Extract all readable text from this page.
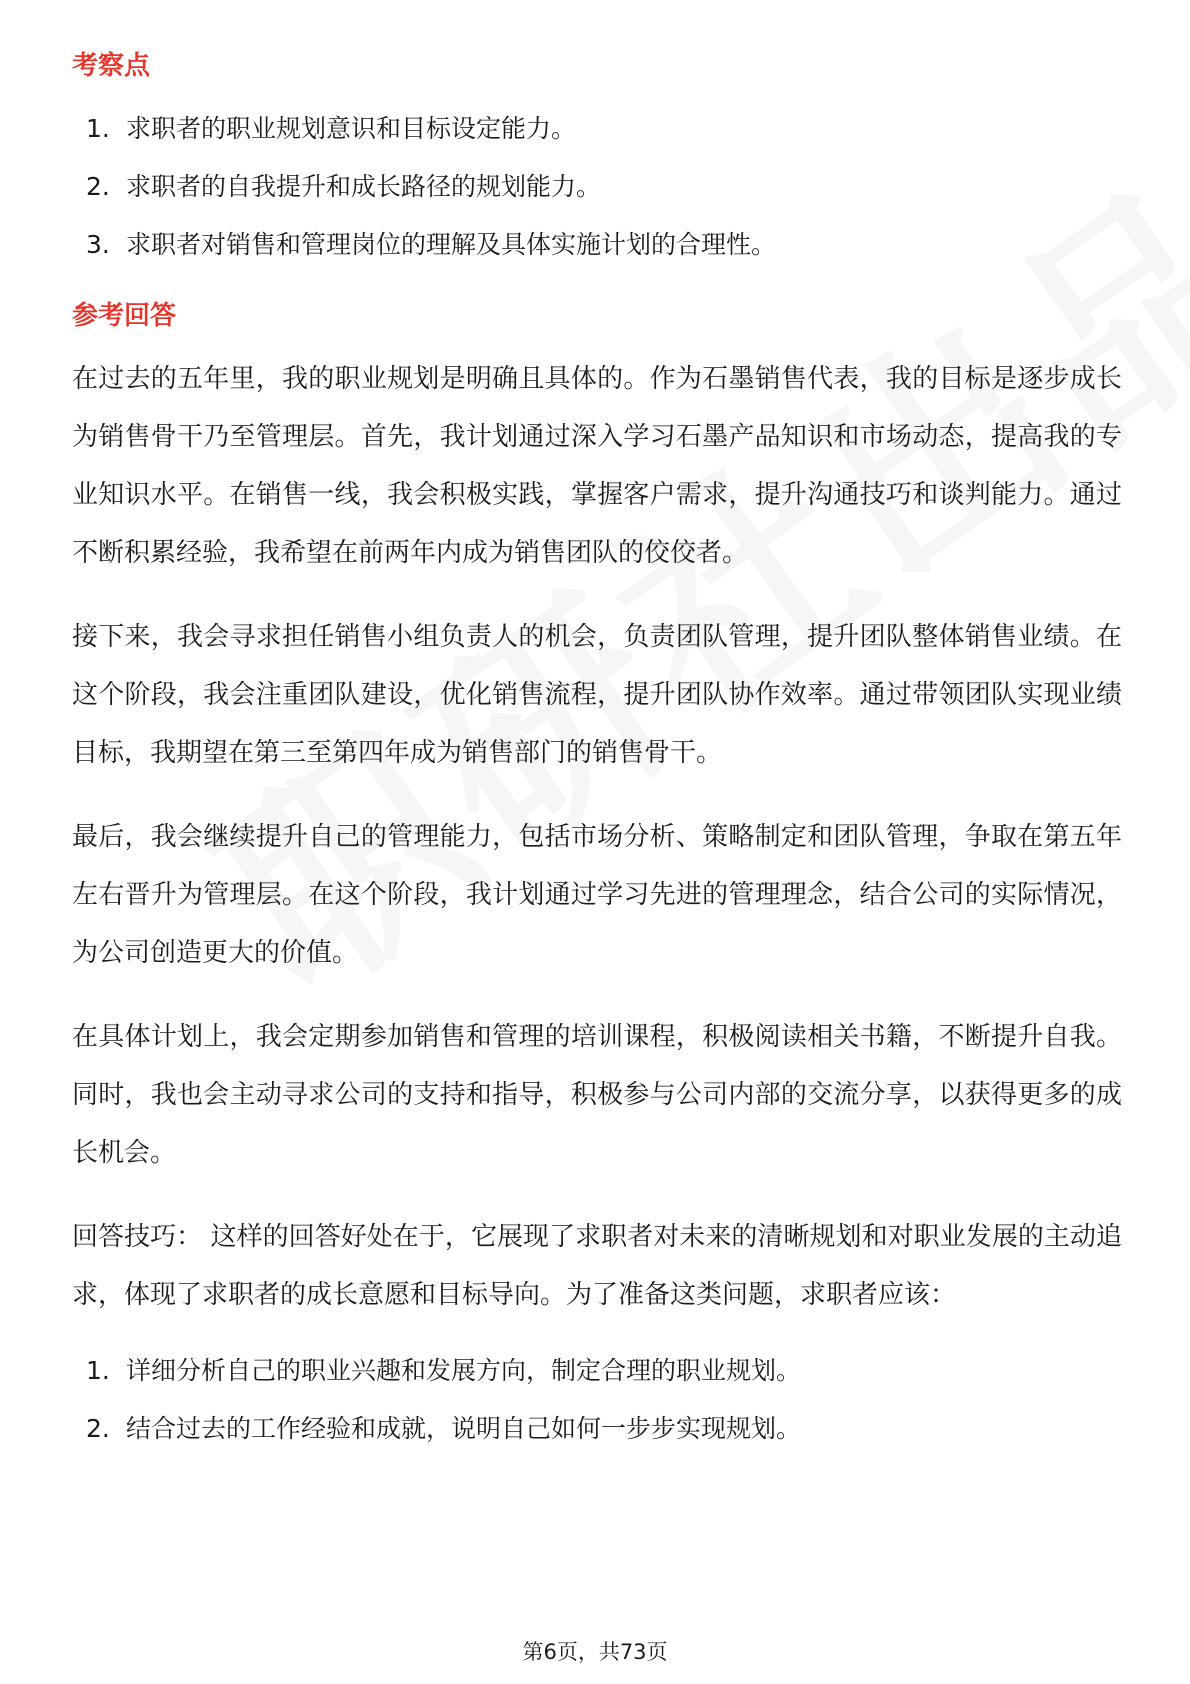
考察点
1. 求职者的职业规划意识和目标设定能力。
2. 求职者的自我提升和成长路径的规划能力。
3. 求职者对销售和管理岗位的理解及具体实施计划的合理性。
参考回答

在过去的五年里，我的职业规划是明确且具体的。作为石墨销售代表，我的目标是逐步成长为销售骨干乃至管理层。首先，我计划通过深入学习石墨产品知识和市场动态，提高我的专业知识水平。在销售一线，我会积极实践，掌握客户需求，提升沟通技巧和谈判能力。通过不断积累经验，我希望在前两年内成为销售团队的佼佼者。

接下来，我会寻求担任销售小组负责人的机会，负责团队管理，提升团队整体销售业绩。在这个阶段，我会注重团队建设，优化销售流程，提升团队协作效率。通过带领团队实现业绩目标，我期望在第三至第四年成为销售部门的销售骨干。

最后，我会继续提升自己的管理能力，包括市场分析、策略制定和团队管理，争取在第五年左右晋升为管理层。在这个阶段，我计划通过学习先进的管理理念，结合公司的实际情况，为公司创造更大的价值。

在具体计划上，我会定期参加销售和管理的培训课程，积极阅读相关书籍，不断提升自我。同时，我也会主动寻求公司的支持和指导，积极参与公司内部的交流分享，以获得更多的成长机会。

回答技巧： 这样的回答好处在于，它展现了求职者对未来的清晰规划和对职业发展的主动追求，体现了求职者的成长意愿和目标导向。为了准备这类问题，求职者应该：

1. 详细分析自己的职业兴趣和发展方向，制定合理的职业规划。
2. 结合过去的工作经验和成就，说明自己如何一步步实现规划。
第6页，共73页
